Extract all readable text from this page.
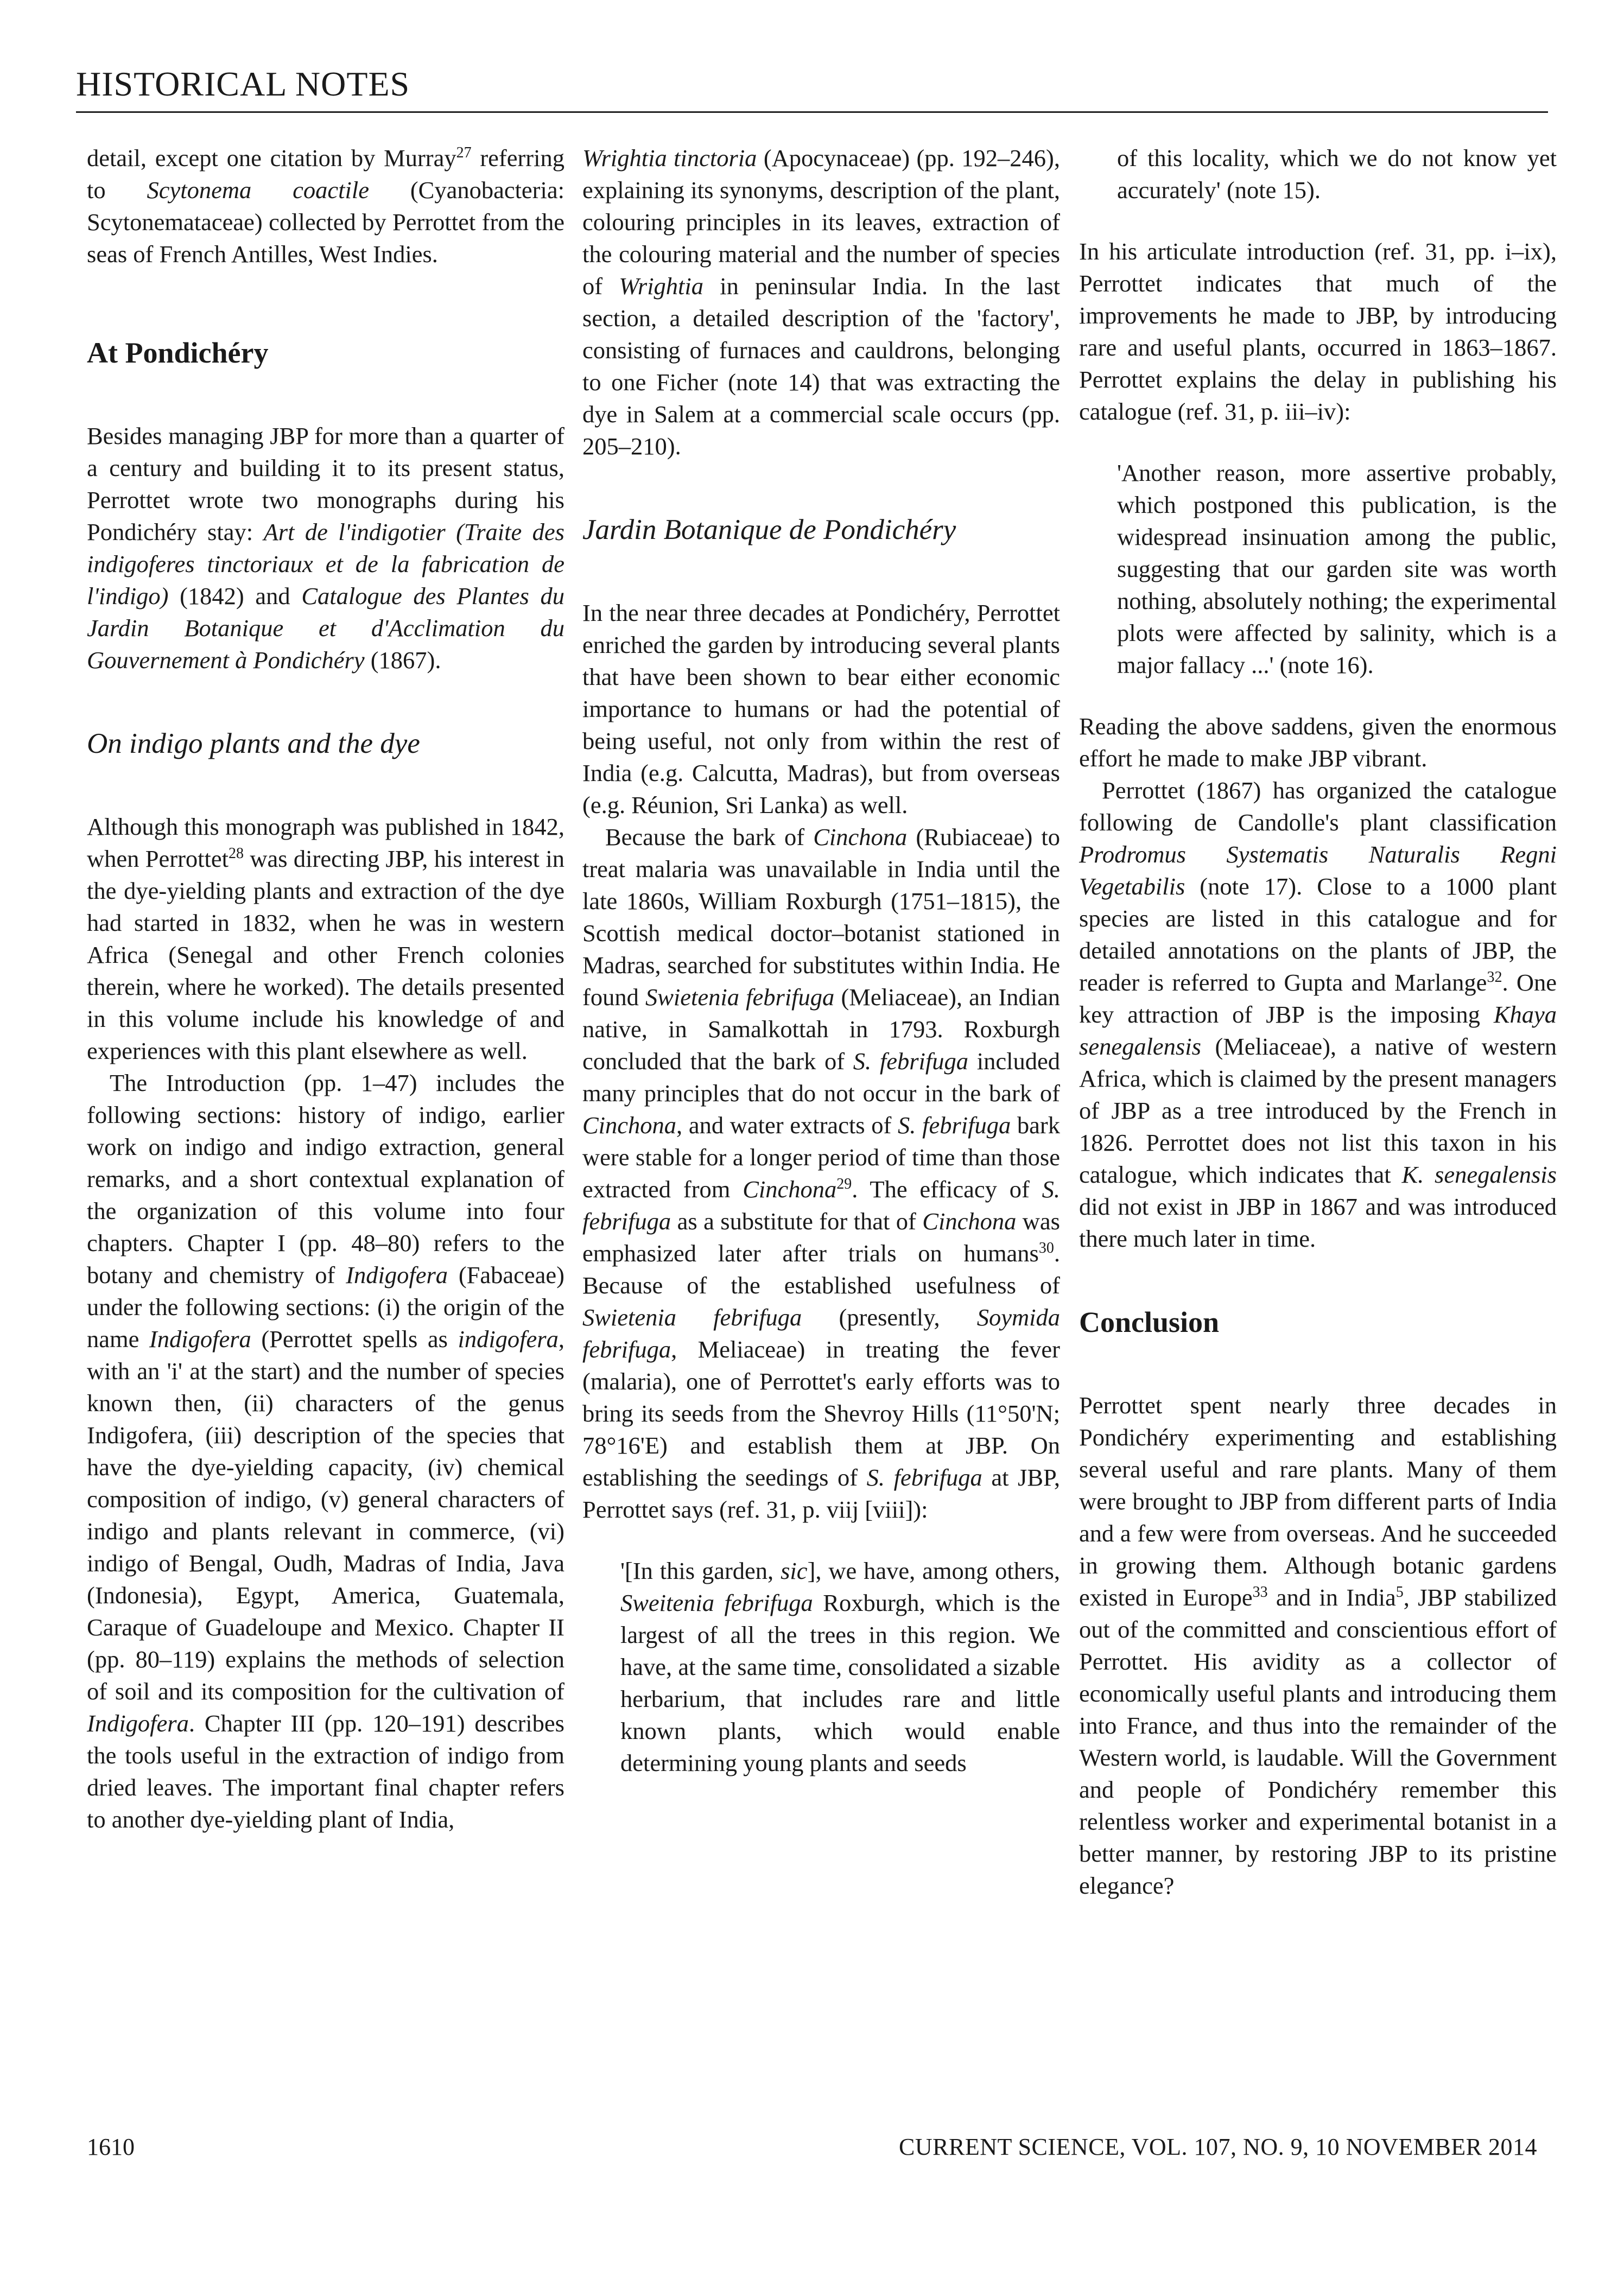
HISTORICAL NOTES

detail, except one citation by Murray$^{27}$ referring to Scytonema coactile (Cyanobacteria: Scytonemataceae) collected by Perrottet from the seas of French Antilles, West Indies.

At Pondichéry

Besides managing JBP for more than a quarter of a century and building it to its present status, Perrottet wrote two monographs during his Pondichéry stay: Art de l'indigotier (Traite des indigoferes tinctoriaux et de la fabrication de l'indigo) (1842) and Catalogue des Plantes du Jardin Botanique et d'Acclimation du Gouvernement à Pondichéry (1867).

On indigo plants and the dye

Although this monograph was published in 1842, when Perrottet$^{28}$ was directing JBP, his interest in the dye-yielding plants and extraction of the dye had started in 1832, when he was in western Africa (Senegal and other French colonies therein, where he worked). The details presented in this volume include his knowledge of and experiences with this plant elsewhere as well.

The Introduction (pp. 1–47) includes the following sections: history of indigo, earlier work on indigo and indigo extraction, general remarks, and a short contextual explanation of the organization of this volume into four chapters. Chapter I (pp. 48–80) refers to the botany and chemistry of Indigofera (Fabaceae) under the following sections: (i) the origin of the name Indigofera (Perrottet spells as indigofera, with an 'i' at the start) and the number of species known then, (ii) characters of the genus Indigofera, (iii) description of the species that have the dye-yielding capacity, (iv) chemical composition of indigo, (v) general characters of indigo and plants relevant in commerce, (vi) indigo of Bengal, Oudh, Madras of India, Java (Indonesia), Egypt, America, Guatemala, Caraque of Guadeloupe and Mexico. Chapter II (pp. 80–119) explains the methods of selection of soil and its composition for the cultivation of Indigofera. Chapter III (pp. 120–191) describes the tools useful in the extraction of indigo from dried leaves. The important final chapter refers to another dye-yielding plant of India,

Wrightia tinctoria (Apocynaceae) (pp. 192–246), explaining its synonyms, description of the plant, colouring principles in its leaves, extraction of the colouring material and the number of species of Wrightia in peninsular India. In the last section, a detailed description of the 'factory', consisting of furnaces and cauldrons, belonging to one Ficher (note 14) that was extracting the dye in Salem at a commercial scale occurs (pp. 205–210).

Jardin Botanique de Pondichéry

In the near three decades at Pondichéry, Perrottet enriched the garden by introducing several plants that have been shown to bear either economic importance to humans or had the potential of being useful, not only from within the rest of India (e.g. Calcutta, Madras), but from overseas (e.g. Réunion, Sri Lanka) as well.

Because the bark of Cinchona (Rubiaceae) to treat malaria was unavailable in India until the late 1860s, William Roxburgh (1751–1815), the Scottish medical doctor–botanist stationed in Madras, searched for substitutes within India. He found Swietenia febrifuga (Meliaceae), an Indian native, in Samalkottah in 1793. Roxburgh concluded that the bark of S. febrifuga included many principles that do not occur in the bark of Cinchona, and water extracts of S. febrifuga bark were stable for a longer period of time than those extracted from Cinchona$^{29}$. The efficacy of S. febrifuga as a substitute for that of Cinchona was emphasized later after trials on humans$^{30}$. Because of the established usefulness of Swietenia febrifuga (presently, Soymida febrifuga, Meliaceae) in treating the fever (malaria), one of Perrottet's early efforts was to bring its seeds from the Shevroy Hills (11°50'N; 78°16'E) and establish them at JBP. On establishing the seedings of S. febrifuga at JBP, Perrottet says (ref. 31, p. viij [viii]):

'[In this garden, sic], we have, among others, Sweitenia febrifuga Roxburgh, which is the largest of all the trees in this region. We have, at the same time, consolidated a sizable herbarium, that includes rare and little known plants, which would enable determining young plants and seeds

of this locality, which we do not know yet accurately' (note 15).

In his articulate introduction (ref. 31, pp. i–ix), Perrottet indicates that much of the improvements he made to JBP, by introducing rare and useful plants, occurred in 1863–1867. Perrottet explains the delay in publishing his catalogue (ref. 31, p. iii–iv):

'Another reason, more assertive probably, which postponed this publication, is the widespread insinuation among the public, suggesting that our garden site was worth nothing, absolutely nothing; the experimental plots were affected by salinity, which is a major fallacy ...' (note 16).

Reading the above saddens, given the enormous effort he made to make JBP vibrant.

Perrottet (1867) has organized the catalogue following de Candolle's plant classification Prodromus Systematis Naturalis Regni Vegetabilis (note 17). Close to a 1000 plant species are listed in this catalogue and for detailed annotations on the plants of JBP, the reader is referred to Gupta and Marlange$^{32}$. One key attraction of JBP is the imposing Khaya senegalensis (Meliaceae), a native of western Africa, which is claimed by the present managers of JBP as a tree introduced by the French in 1826. Perrottet does not list this taxon in his catalogue, which indicates that K. senegalensis did not exist in JBP in 1867 and was introduced there much later in time.

Conclusion

Perrottet spent nearly three decades in Pondichéry experimenting and establishing several useful and rare plants. Many of them were brought to JBP from different parts of India and a few were from overseas. And he succeeded in growing them. Although botanic gardens existed in Europe$^{33}$ and in India$^5$, JBP stabilized out of the committed and conscientious effort of Perrottet. His avidity as a collector of economically useful plants and introducing them into France, and thus into the remainder of the Western world, is laudable. Will the Government and people of Pondichéry remember this relentless worker and experimental botanist in a better manner, by restoring JBP to its pristine elegance?

1610	CURRENT SCIENCE, VOL. 107, NO. 9, 10 NOVEMBER 2014
